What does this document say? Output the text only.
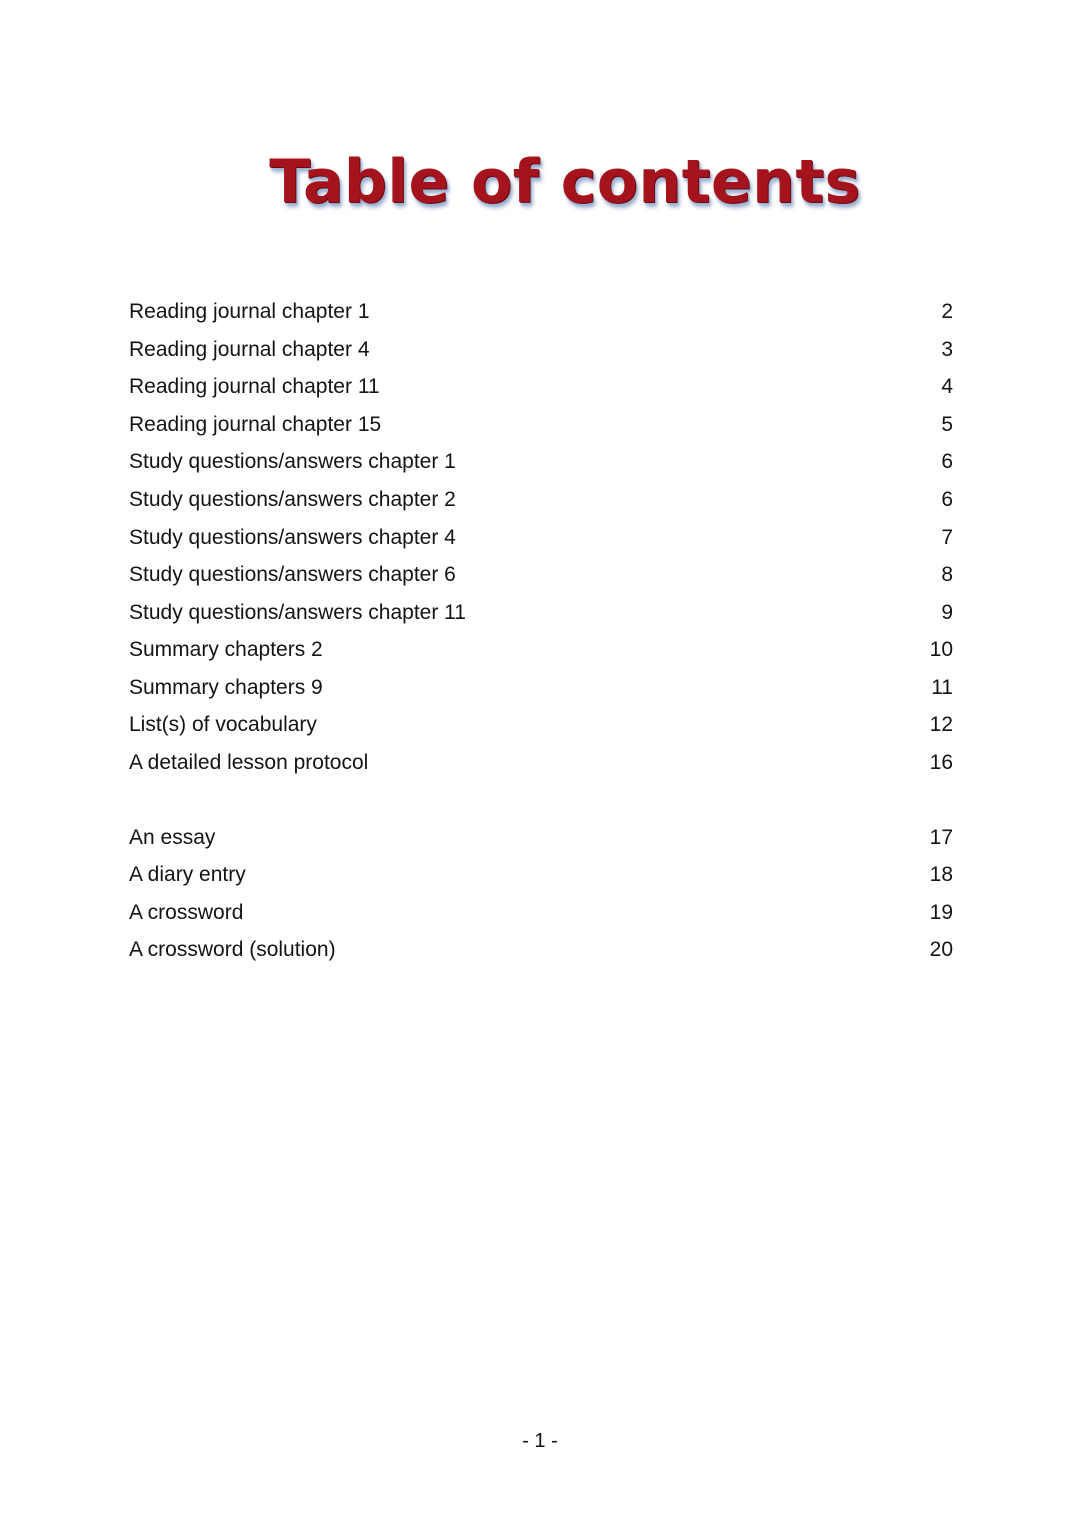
Table of contents
Reading journal chapter 1	2
Reading journal chapter 4	3
Reading journal chapter 11	4
Reading journal chapter 15	5
Study questions/answers chapter 1	6
Study questions/answers chapter 2	6
Study questions/answers chapter 4	7
Study questions/answers chapter 6	8
Study questions/answers chapter 11	9
Summary chapters 2	10
Summary chapters 9	11
List(s) of vocabulary	12
A detailed lesson protocol	16
An essay	17
A diary entry	18
A crossword	19
A crossword (solution)	20
- 1 -
